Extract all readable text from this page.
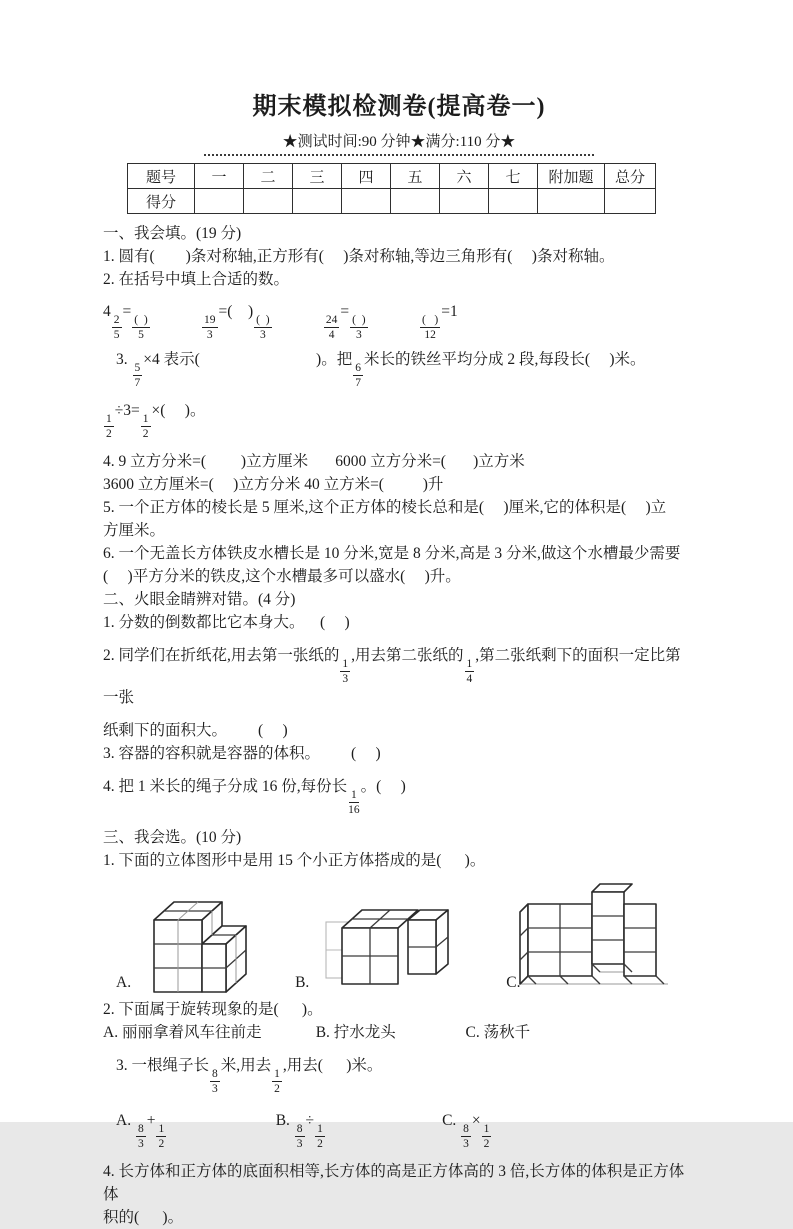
期末模拟检测卷(提高卷一)
★测试时间:90 分钟★满分:110 分★
题号	一	二	三	四	五	六	七	附加题	总分
得分									
一、我会填。(19 分)
1. 圆有(        )条对称轴,正方形有(     )条对称轴,等边三角形有(     )条对称轴。
2. 在括号中填上合适的数。
4
$\frac{2}{5}$
=
$\frac{( )}{5}$
	$\frac{19}{3}$
=(    )
$\frac{( )}{3}$
	$\frac{24}{4}$
=
$\frac{( )}{3}$
	$\frac{( )}{12}$
=1
3.
$\frac{5}{7}$
×4 表示(                              )。把
$\frac{6}{7}$
米长的铁丝平均分成 2 段,每段长(     )米。
$\frac{1}{2}$
÷3=
$\frac{1}{2}$
×(     )。
4. 9 立方分米=(         )立方厘米       6000 立方分米=(       )立方米
3600 立方厘米=(     )立方分米 40 立方米=(          )升
5. 一个正方体的棱长是 5 厘米,这个正方体的棱长总和是(     )厘米,它的体积是(     )立
方厘米。
6. 一个无盖长方体铁皮水槽长是 10 分米,宽是 8 分米,高是 3 分米,做这个水槽最少需要
(     )平方分米的铁皮,这个水槽最多可以盛水(     )升。
二、火眼金睛辨对错。(4 分)
1. 分数的倒数都比它本身大。    (     )
2. 同学们在折纸花,用去第一张纸的
$\frac{1}{3}$
,用去第二张纸的
$\frac{1}{4}$
,第二张纸剩下的面积一定比第一张
纸剩下的面积大。        (     )
3. 容器的容积就是容器的体积。        (     )
4. 把 1 米长的绳子分成 16 份,每份长
$\frac{1}{16}$
。(     )
三、我会选。(10 分)
1. 下面的立体图形中是用 15 个小正方体搭成的是(      )。
A.	B.	C.
2. 下面属于旋转现象的是(      )。
A. 丽丽拿着风车往前走              B. 拧水龙头                  C. 荡秋千
3. 一根绳子长
$\frac{8}{3}$
米,用去
$\frac{1}{2}$
,用去(      )米。
A.
$\frac{8}{3}$
+
$\frac{1}{2}$
B.
$\frac{8}{3}$
÷
$\frac{1}{2}$
C.
$\frac{8}{3}$
×
$\frac{1}{2}$
4. 长方体和正方体的底面积相等,长方体的高是正方体高的 3 倍,长方体的体积是正方体体
积的(      )。
